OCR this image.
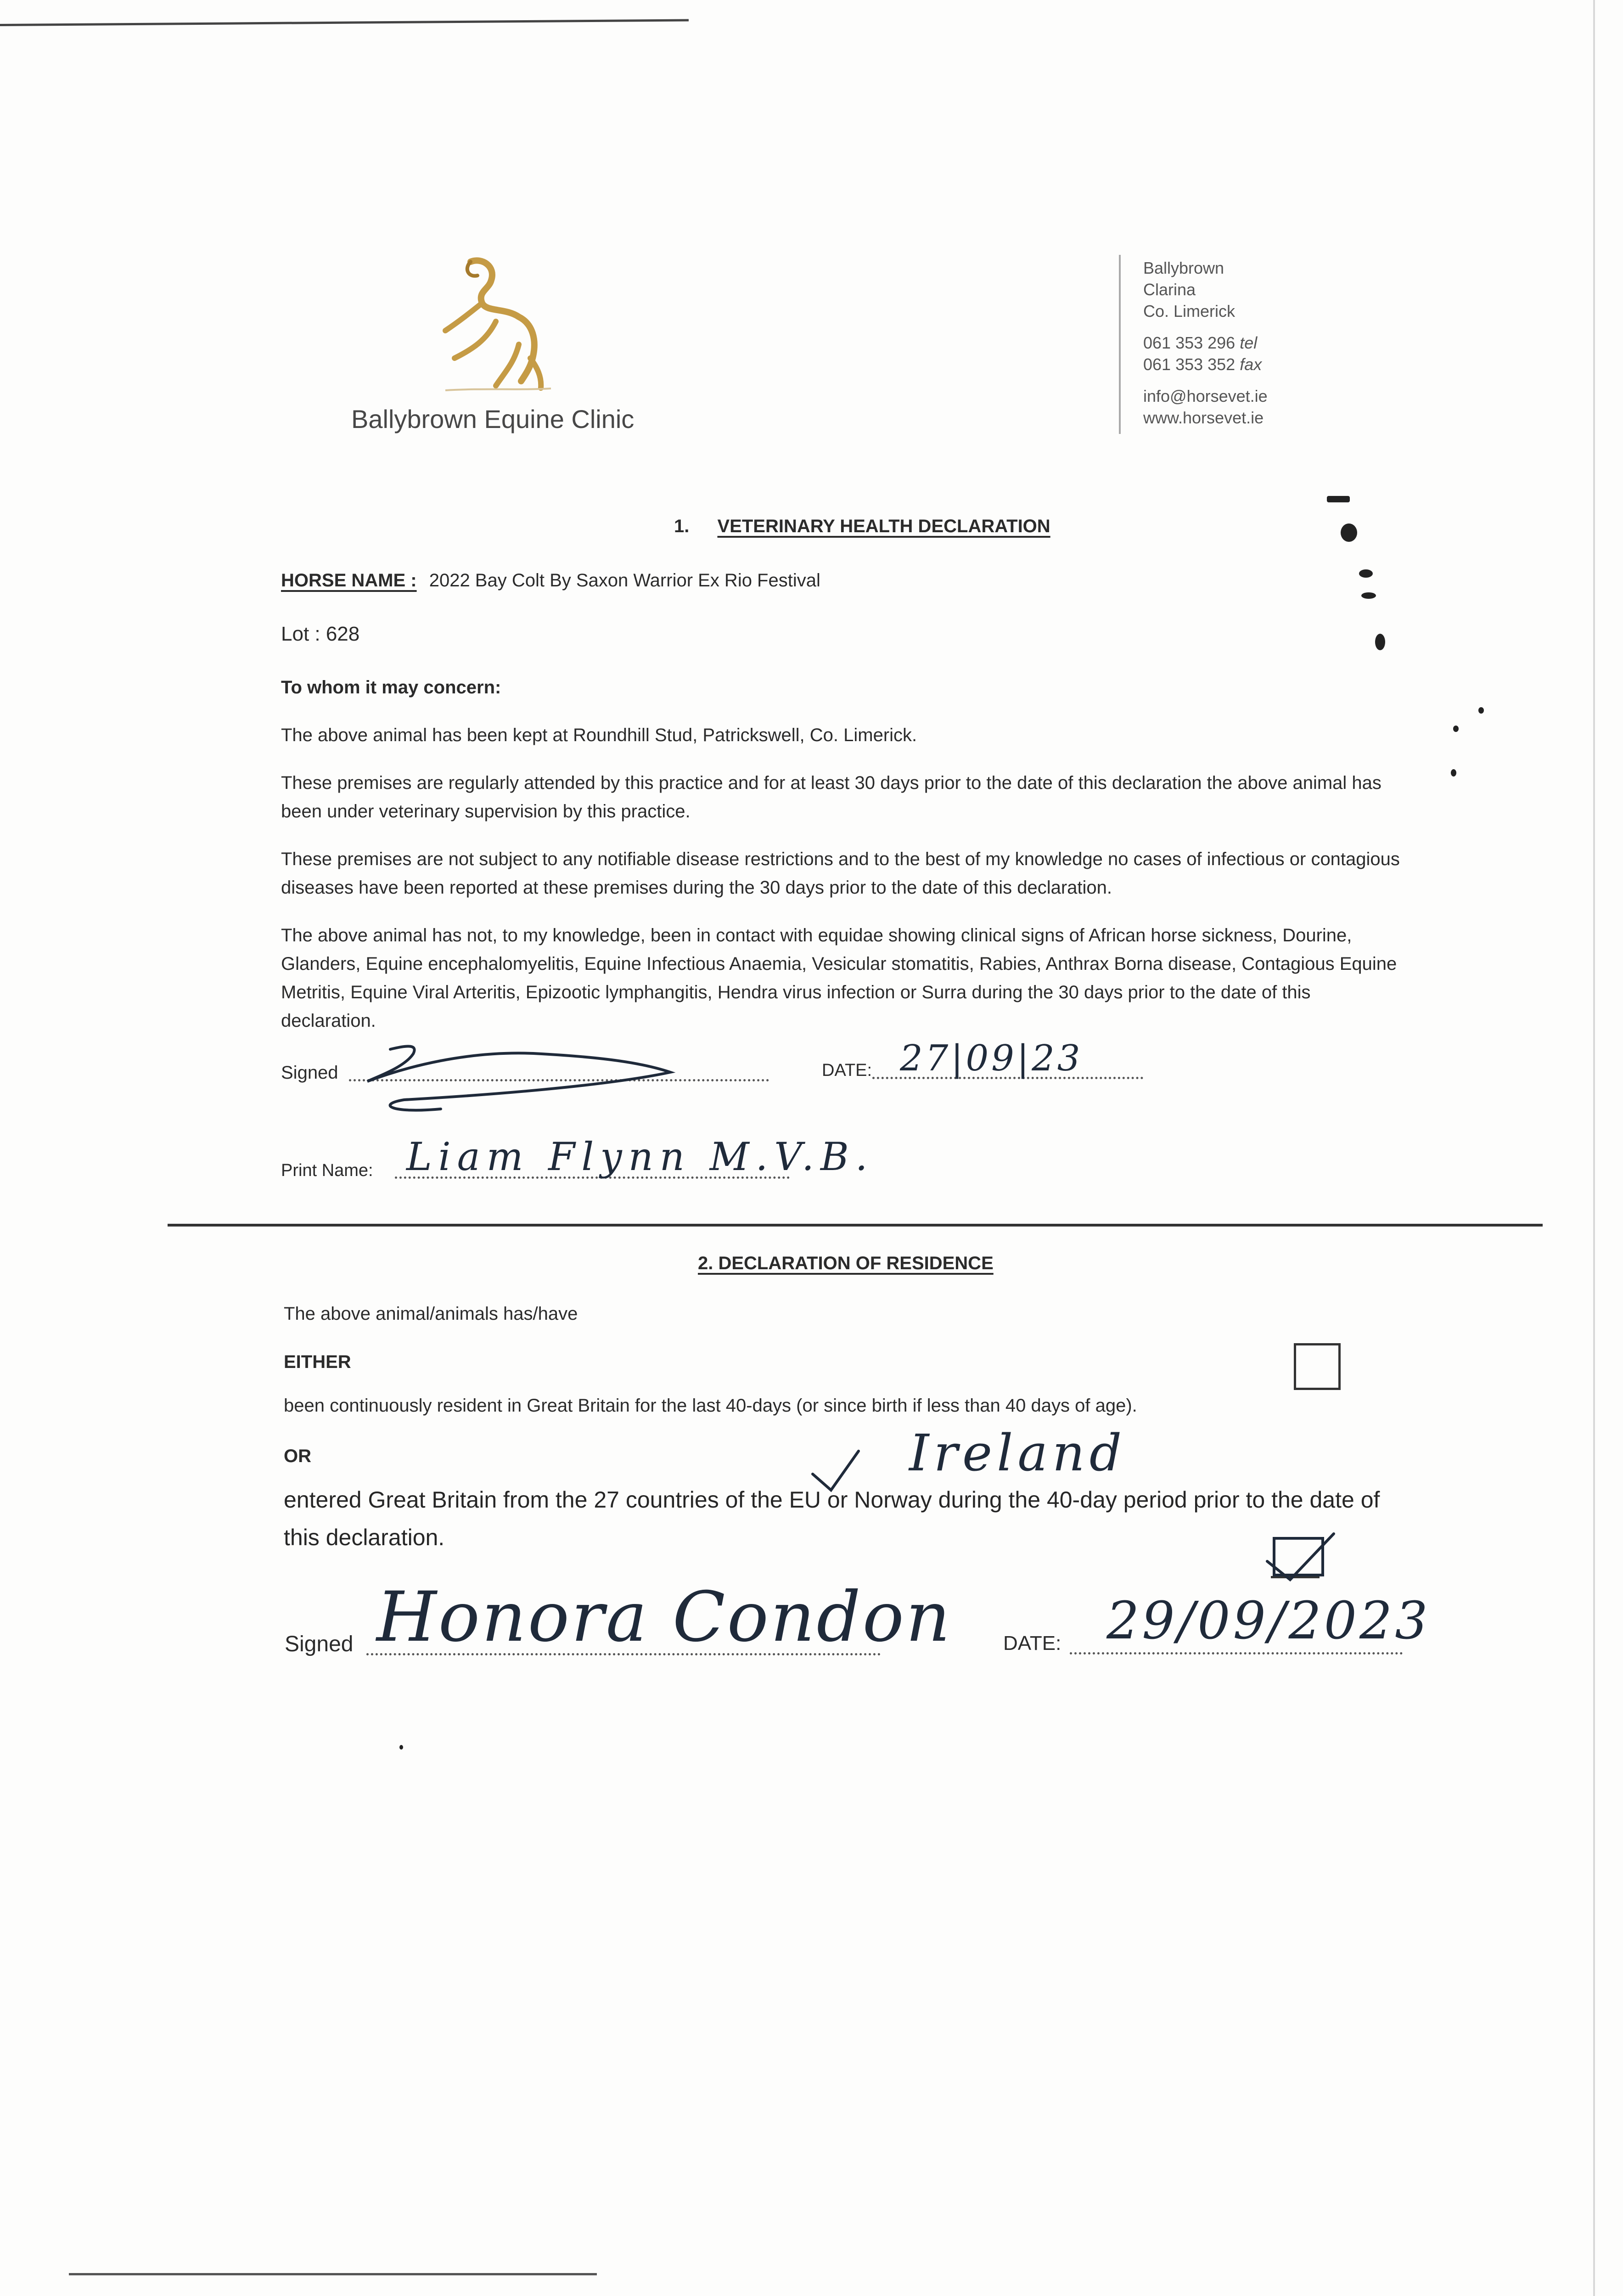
Ballybrown Equine Clinic
Ballybrown
Clarina
Co. Limerick
061 353 296 tel
061 353 352 fax
info@horsevet.ie
www.horsevet.ie
1. VETERINARY HEALTH DECLARATION
HORSE NAME : 2022 Bay Colt By Saxon Warrior Ex Rio Festival
Lot : 628
To whom it may concern:

The above animal has been kept at Roundhill Stud, Patrickswell, Co. Limerick.

These premises are regularly attended by this practice and for at least 30 days prior to the date of this declaration the above animal has been under veterinary supervision by this practice.

These premises are not subject to any notifiable disease restrictions and to the best of my knowledge no cases of infectious or contagious diseases have been reported at these premises during the 30 days prior to the date of this declaration.

The above animal has not, to my knowledge, been in contact with equidae showing clinical signs of African horse sickness, Dourine, Glanders, Equine encephalomyelitis, Equine Infectious Anaemia, Vesicular stomatitis, Rabies, Anthrax Borna disease, Contagious Equine Metritis, Equine Viral Arteritis, Epizootic lymphangitis, Hendra virus infection or Surra during the 30 days prior to the date of this declaration.

Signed	DATE: 27|09|23
Print Name: Liam Flynn M.V.B.
2. DECLARATION OF RESIDENCE
The above animal/animals has/have
EITHER
been continuously resident in Great Britain for the last 40-days (or since birth if less than 40 days of age).
OR	Ireland
entered Great Britain from the 27 countries of the EU or Norway during the 40-day period prior to the date of this declaration.
Signed Honora Condon	DATE: 29/09/2023
